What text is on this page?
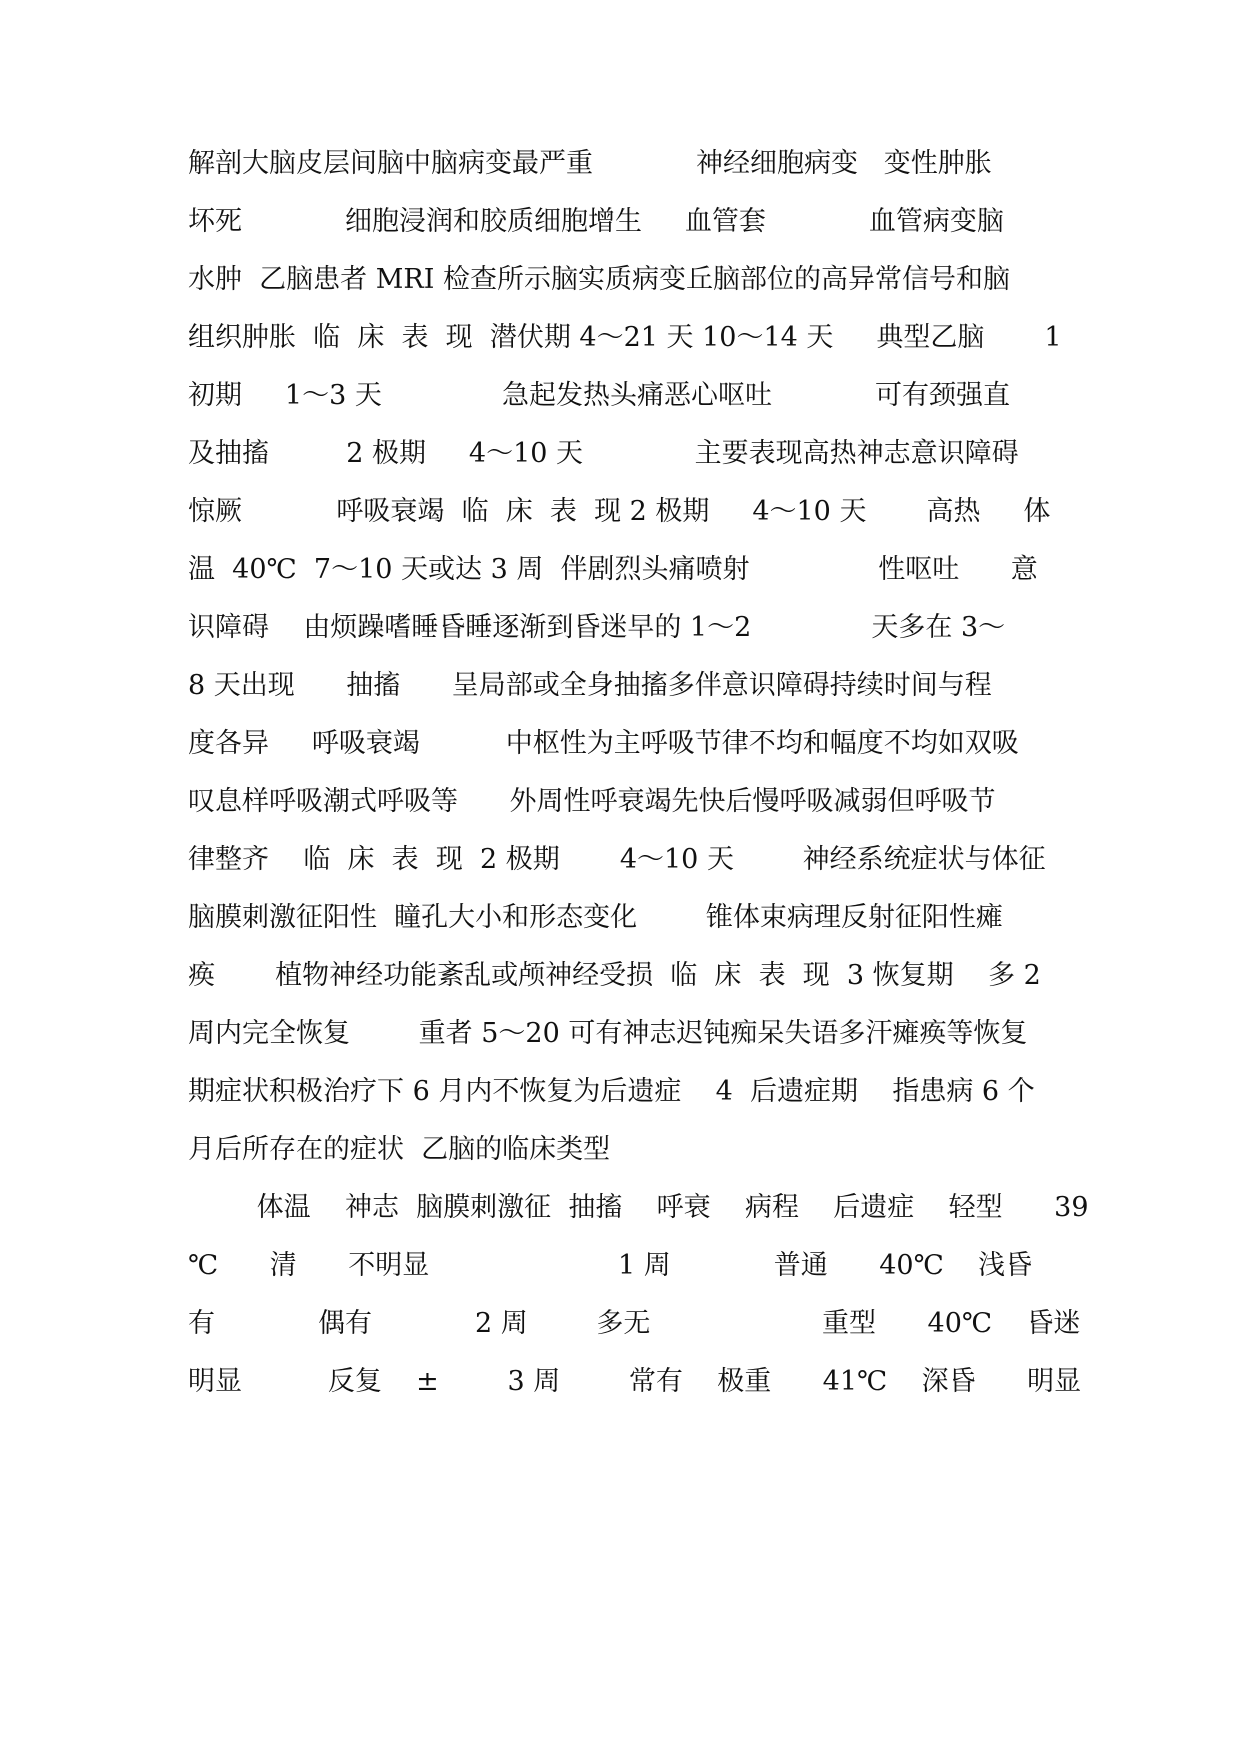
解剖大脑皮层间脑中脑病变最严重            神经细胞病变   变性肿胀
坏死            细胞浸润和胶质细胞增生     血管套            血管病变脑
水肿  乙脑患者 MRI 检查所示脑实质病变丘脑部位的高异常信号和脑
组织肿胀  临  床  表  现  潜伏期 4～21 天 10～14 天     典型乙脑       1
初期     1～3 天              急起发热头痛恶心呕吐            可有颈强直
及抽搐         2 极期     4～10 天             主要表现高热神志意识障碍
惊厥           呼吸衰竭  临  床  表  现 2 极期     4～10 天       高热     体
温  40℃  7～10 天或达 3 周  伴剧烈头痛喷射               性呕吐      意
识障碍    由烦躁嗜睡昏睡逐渐到昏迷早的 1～2              天多在 3～
8 天出现      抽搐      呈局部或全身抽搐多伴意识障碍持续时间与程
度各异     呼吸衰竭          中枢性为主呼吸节律不均和幅度不均如双吸
叹息样呼吸潮式呼吸等      外周性呼衰竭先快后慢呼吸减弱但呼吸节
律整齐    临  床  表  现  2 极期       4～10 天        神经系统症状与体征
脑膜刺激征阳性  瞳孔大小和形态变化        锥体束病理反射征阳性瘫
痪       植物神经功能紊乱或颅神经受损  临  床  表  现  3 恢复期    多 2
周内完全恢复        重者 5～20 可有神志迟钝痴呆失语多汗瘫痪等恢复
期症状积极治疗下 6 月内不恢复为后遗症    4  后遗症期    指患病 6 个
月后所存在的症状  乙脑的临床类型
体温    神志  脑膜刺激征  抽搐    呼衰    病程    后遗症    轻型      39
℃      清      不明显                      1 周            普通      40℃    浅昏
有            偶有            2 周        多无                    重型      40℃    昏迷
明显          反复    ±        3 周        常有    极重      41℃    深昏      明显
